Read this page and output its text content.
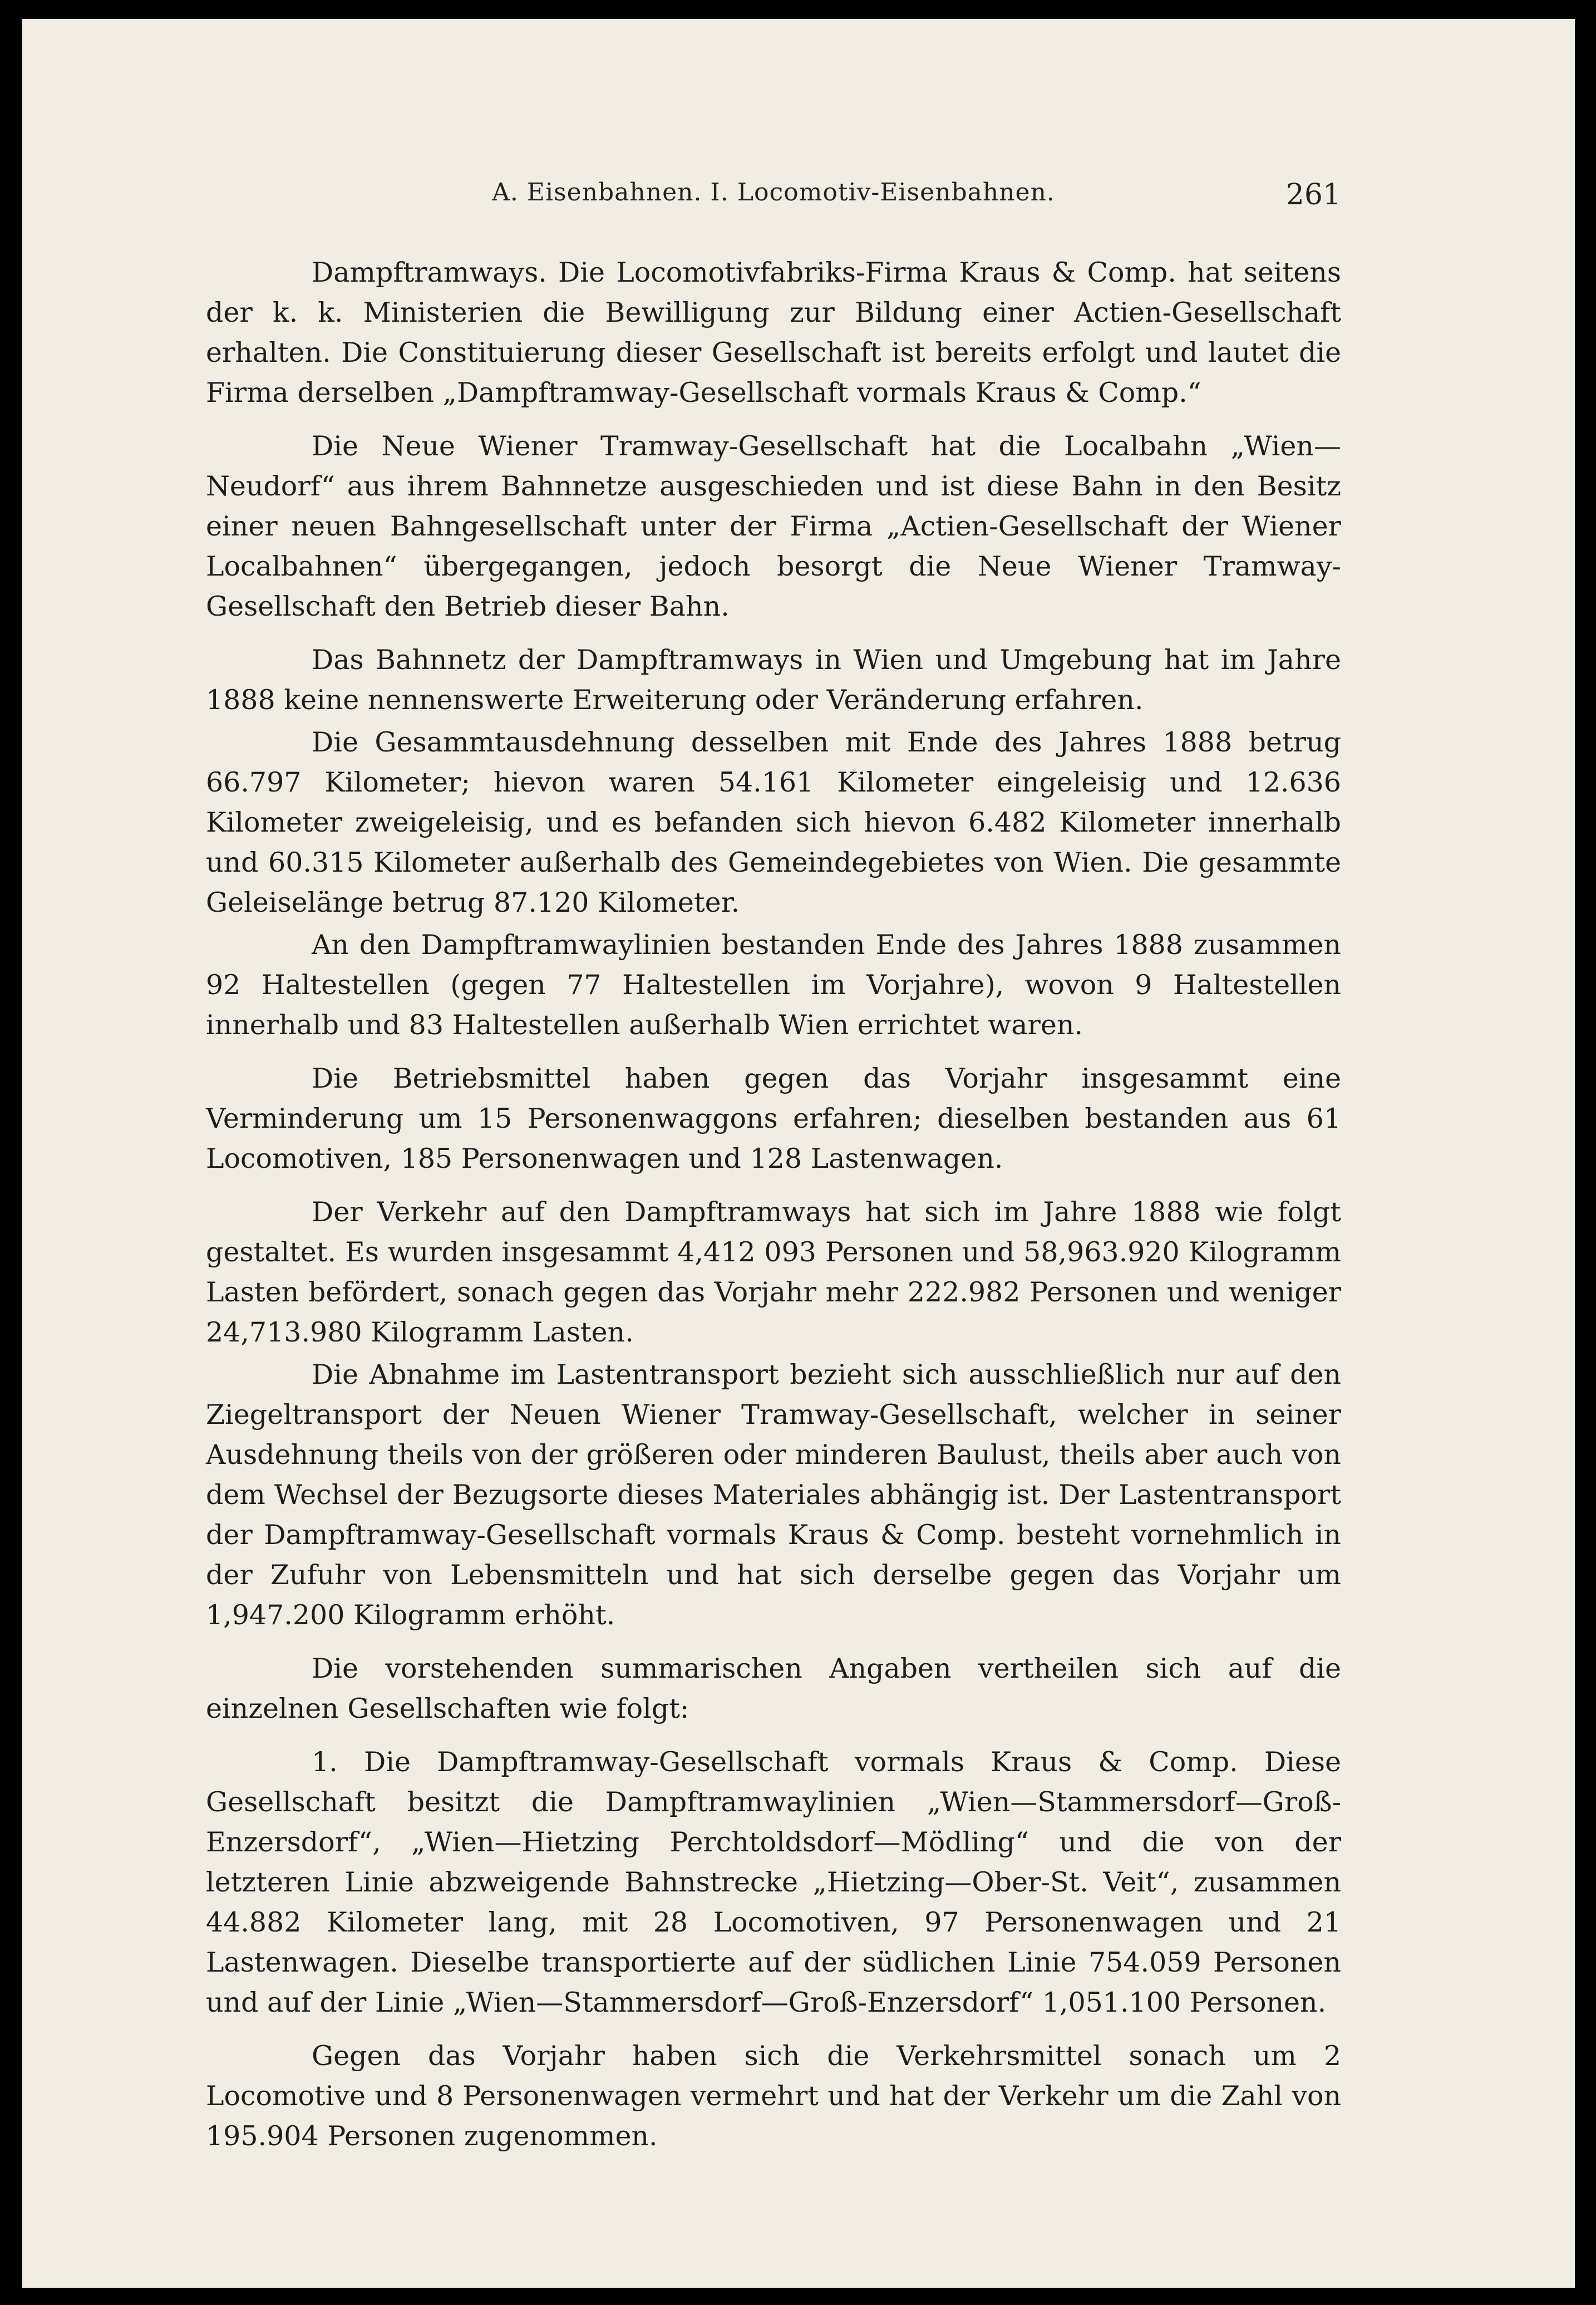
A. Eisenbahnen. I. Locomotiv-Eisenbahnen.	261

Dampftramways. Die Locomotivfabriks-Firma Kraus & Comp. hat seitens der k. k. Ministerien die Bewilligung zur Bildung einer Actien-Gesellschaft erhalten. Die Constituierung dieser Gesellschaft ist bereits erfolgt und lautet die Firma derselben „Dampftramway-Gesellschaft vormals Kraus & Comp.“

Die Neue Wiener Tramway-Gesellschaft hat die Localbahn „Wien—Neudorf“ aus ihrem Bahnnetze ausgeschieden und ist diese Bahn in den Besitz einer neuen Bahngesellschaft unter der Firma „Actien-Gesellschaft der Wiener Localbahnen“ übergegangen, jedoch besorgt die Neue Wiener Tramway-Gesellschaft den Betrieb dieser Bahn.

Das Bahnnetz der Dampftramways in Wien und Umgebung hat im Jahre 1888 keine nennenswerte Erweiterung oder Veränderung erfahren.

Die Gesammtausdehnung desselben mit Ende des Jahres 1888 betrug 66.797 Kilometer; hievon waren 54.161 Kilometer eingeleisig und 12.636 Kilometer zweigeleisig, und es befanden sich hievon 6.482 Kilometer innerhalb und 60.315 Kilometer außerhalb des Gemeindegebietes von Wien. Die gesammte Geleiselänge betrug 87.120 Kilometer.

An den Dampftramwaylinien bestanden Ende des Jahres 1888 zusammen 92 Haltestellen (gegen 77 Haltestellen im Vorjahre), wovon 9 Haltestellen innerhalb und 83 Haltestellen außerhalb Wien errichtet waren.

Die Betriebsmittel haben gegen das Vorjahr insgesammt eine Verminderung um 15 Personenwaggons erfahren; dieselben bestanden aus 61 Locomotiven, 185 Personenwagen und 128 Lastenwagen.

Der Verkehr auf den Dampftramways hat sich im Jahre 1888 wie folgt gestaltet. Es wurden insgesammt 4,412 093 Personen und 58,963.920 Kilogramm Lasten befördert, sonach gegen das Vorjahr mehr 222.982 Personen und weniger 24,713.980 Kilogramm Lasten.

Die Abnahme im Lastentransport bezieht sich ausschließlich nur auf den Ziegeltransport der Neuen Wiener Tramway-Gesellschaft, welcher in seiner Ausdehnung theils von der größeren oder minderen Baulust, theils aber auch von dem Wechsel der Bezugsorte dieses Materiales abhängig ist. Der Lastentransport der Dampftramway-Gesellschaft vormals Kraus & Comp. besteht vornehmlich in der Zufuhr von Lebensmitteln und hat sich derselbe gegen das Vorjahr um 1,947.200 Kilogramm erhöht.

Die vorstehenden summarischen Angaben vertheilen sich auf die einzelnen Gesellschaften wie folgt:

1. Die Dampftramway-Gesellschaft vormals Kraus & Comp. Diese Gesellschaft besitzt die Dampftramwaylinien „Wien—Stammersdorf—Groß-Enzersdorf“, „Wien—Hietzing Perchtoldsdorf—Mödling“ und die von der letzteren Linie abzweigende Bahnstrecke „Hietzing—Ober-St. Veit“, zusammen 44.882 Kilometer lang, mit 28 Locomotiven, 97 Personenwagen und 21 Lastenwagen. Dieselbe transportierte auf der südlichen Linie 754.059 Personen und auf der Linie „Wien—Stammersdorf—Groß-Enzersdorf“ 1,051.100 Personen.

Gegen das Vorjahr haben sich die Verkehrsmittel sonach um 2 Locomotive und 8 Personenwagen vermehrt und hat der Verkehr um die Zahl von 195.904 Personen zugenommen.
